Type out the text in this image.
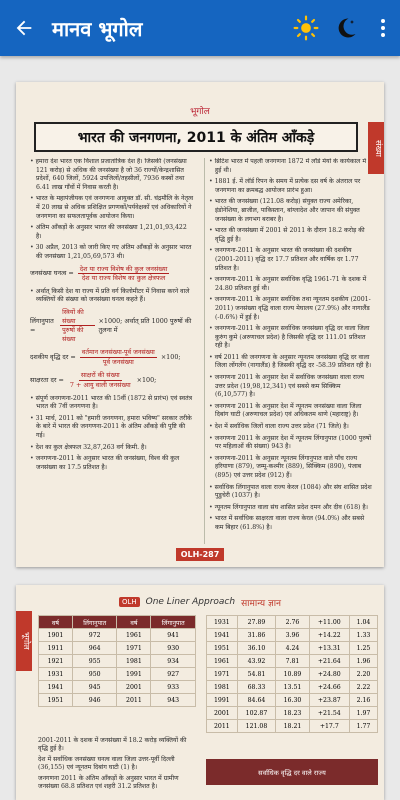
मानव भूगोल
भूगोल
संख्या
भारत की जनगणना, 2011 के अंतिम आँकड़े

• हमारा देश भारत एक विशाल प्रजातांत्रिक देश है। जिसकी (जनसंख्या 121 करोड़) से अधिक की जनसंख्या है जो 36 राज्यों/केन्द्रशासित प्रदेशों, 640 जिलों, 5924 उपजिलों/तहसीलों, 7936 कस्बों तथा 6.41 लाख गाँवों में निवास करती है।

• भारत के महापंजीयक एवं जनगणना आयुक्त डॉ. सी. चंद्रमौलि के नेतृत्व में 20 लाख से अधिक प्रशिक्षित प्रगणकों/पर्यवेक्षकों एवं अधिकारियों ने जनगणना का सफलतापूर्वक आयोजन किया।

• अंतिम आँकड़ों के अनुसार भारत की जनसंख्या 1,21,01,93,422 है।

• 30 अप्रैल, 2013 को जारी किए गए अंतिम आँकड़ों के अनुसार भारत की जनसंख्या 1,21,05,69,573 थी।

जनसंख्या घनत्व = $\frac{\text{देश या राज्य विशेष की कुल जनसंख्या}}{\text{देश या राज्य विशेष का कुल क्षेत्रफल}}$

• अर्थात् किसी देश या राज्य में प्रति वर्ग किलोमीटर में निवास करने वाले व्यक्तियों की संख्या को जनसंख्या घनत्व कहते हैं।

लिंगानुपात =	$\frac{\text{स्त्रियों की संख्या}}{\text{पुरुषों की संख्या}} \times 1000$; अर्थात् प्रति 1000 पुरुषों की तुलना में
दशकीय वृद्धि दर = $\frac{\text{वर्तमान जनसंख्या-पूर्व जनसंख्या}}{\text{पूर्व जनसंख्या}} \times 100$;
साक्षरता दर = $\frac{\text{साक्षरों की संख्या}}{\text{7 + आयु वाली जनसंख्या}} \times 100$;

• संपूर्ण जनगणना-2011 भारत की 15वीं (1872 से प्रारंभ) एवं स्वतंत्र भारत की 7वीं जनगणना है।

• 31 मार्च, 2011 को "हमारी जनगणना, हमारा भविष्य" सरकार तरीके के बारे में भारत की जनगणना-2011 के अंतिम आँकड़े की पुष्टि की गई।

• देश का कुल क्षेत्रफल 32,87,263 वर्ग किमी. है।

• जनगणना-2011 के अनुसार भारत की जनसंख्या, विश्व की कुल जनसंख्या का 17.5 प्रतिशत है।

• ब्रिटिश भारत में पहली जनगणना 1872 में लॉर्ड मेयो के कार्यकाल में हुई थी।

• 1881 ई. में लॉर्ड रिपन के समय में प्रत्येक दस वर्ष के अंतराल पर जनगणना का क्रमबद्ध आयोजन प्रारंभ हुआ।

• भारत की जनसंख्या (121.08 करोड़) संयुक्त राज्य अमेरिका, इंडोनेशिया, ब्राजील, पाकिस्तान, बांग्लादेश और जापान की संयुक्त जनसंख्या के लगभग बराबर है।

• भारत की जनसंख्या में 2001 से 2011 के दौरान 18.2 करोड़ की वृद्धि हुई है।

• जनगणना-2011 के अनुसार भारत की जनसंख्या की दशकीय (2001-2011) वृद्धि दर 17.7 प्रतिशत और वार्षिक दर 1.77 प्रतिशत है।

• जनगणना-2011 के अनुसार सर्वाधिक वृद्धि 1961-71 के दशक में 24.80 प्रतिशत हुई थी।

• जनगणना-2011 के अनुसार सर्वाधिक तथा न्यूनतम दशकीय (2001-2011) जनसंख्या वृद्धि वाला राज्य मेघालय (27.9%) और नागालैंड (-0.6%) में हुई है।

• जनगणना-2011 के अनुसार सर्वाधिक जनसंख्या वृद्धि दर वाला जिला कुरुंग कुमे (अरुणाचल प्रदेश) है जिसकी वृद्धि दर 111.01 प्रतिशत रही है।

• वर्ष 2011 की जनगणना के अनुसार न्यूनतम जनसंख्या वृद्धि दर वाला जिला लोंगलेंग (नागालैंड) है जिसकी वृद्धि दर -58.39 प्रतिशत रही है।

• जनगणना 2011 के अनुसार देश में सर्वाधिक जनसंख्या वाला राज्य उत्तर प्रदेश (19,98,12,341) एवं सबसे कम सिक्किम (6,10,577) है।

• जनगणना 2011 के अनुसार देश में न्यूनतम जनसंख्या वाला जिला दिबांग घाटी (अरुणाचल प्रदेश) एवं अधिकतम थाणे (महाराष्ट्र) है।

• देश में सर्वाधिक जिलों वाला राज्य उत्तर प्रदेश (71 जिले) है।

• जनगणना 2011 के अनुसार देश में न्यूनतम लिंगानुपात (1000 पुरुषों पर महिलाओं की संख्या) 943 है।

• जनगणना-2011 के अनुसार न्यूनतम लिंगानुपात वाले पाँच राज्य हरियाणा (879), जम्मू-कश्मीर (889), सिक्किम (890), पंजाब (895) एवं उत्तर प्रदेश (912) हैं।

• सर्वाधिक लिंगानुपात वाला राज्य केरल (1084) और संघ शासित प्रदेश पुडुचेरी (1037) है।

• न्यूनतम लिंगानुपात वाला संघ शासित प्रदेश दमन और दीव (618) है।

• भारत में सर्वाधिक साक्षरता वाला राज्य केरल (94.0%) और सबसे कम बिहार (61.8%) है।

OLH-287
OLH	One Liner Approach सामान्य ज्ञान
भूगोल
वर्ष	लिंगानुपात	वर्ष	लिंगानुपात
1901	972	1961	941
1911	964	1971	930
1921	955	1981	934
1931	950	1991	927
1941	945	2001	933
1951	946	2011	943

2001-2011 के दशक में जनसंख्या में 18.2 करोड़ व्यक्तियों की वृद्धि हुई है।

देश में सर्वाधिक जनसंख्या घनत्व वाला जिला उत्तर-पूर्वी दिल्ली (36,155) एवं न्यूनतम दिबांग घाटी (1) है।

जनगणना 2011 के अंतिम आँकड़ों के अनुसार भारत में ग्रामीण जनसंख्या 68.8 प्रतिशत एवं शहरी 31.2 प्रतिशत है।

1931	27.89	2.76	+11.00	1.04
1941	31.86	3.96	+14.22	1.33
1951	36.10	4.24	+13.31	1.25
1961	43.92	7.81	+21.64	1.96
1971	54.81	10.89	+24.80	2.20
1981	68.33	13.51	+24.66	2.22
1991	84.64	16.30	+23.87	2.16
2001	102.87	18.23	+21.54	1.97
2011	121.08	18.21	+17.7	1.77
सर्वाधिक वृद्धि दर वाले राज्य
